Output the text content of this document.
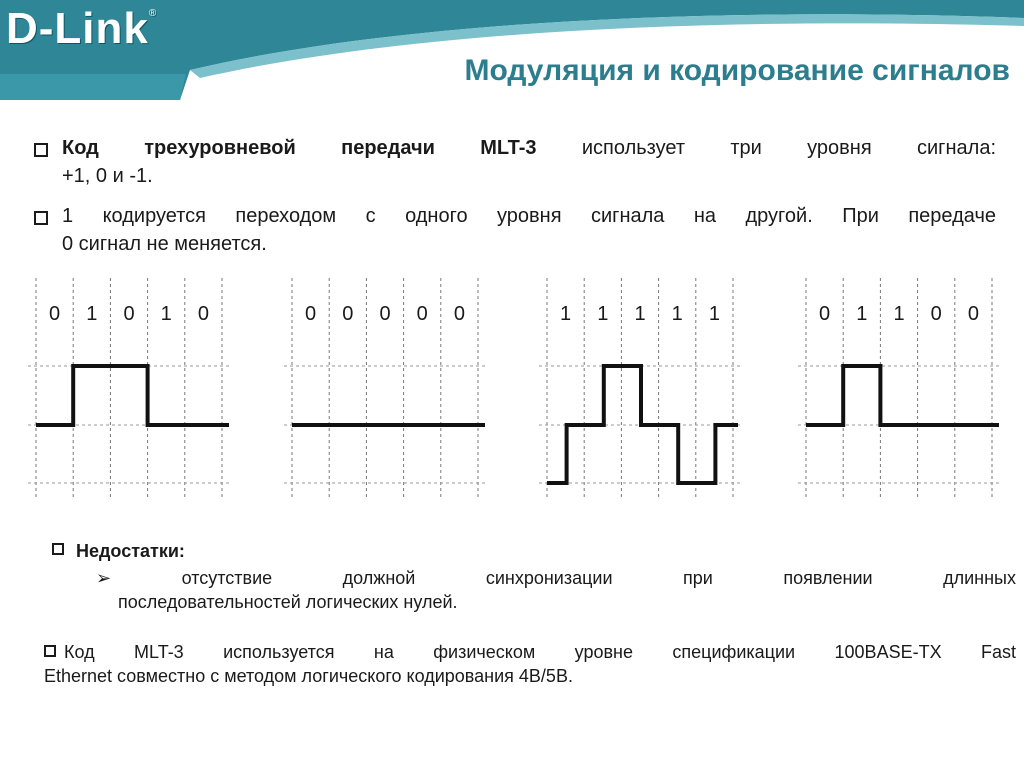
D-Link®
Модуляция и кодирование сигналов
Код трехуровневой передачи MLT-3 использует три уровня сигнала:
+1, 0 и -1.
1 кодируется переходом с одного уровня сигнала на другой. При передаче
0 сигнал не меняется.
0 1 0 1 0	0 0 0 0 0	1 1 1 1 1	0 1 1 0 0
Недостатки:
➢ отсутствие должной синхронизации при появлении длинных
последовательностей логических нулей.
Код MLT-3 используется на физическом уровне спецификации 100BASE-TX Fast
Ethernet совместно с методом логического кодирования 4B/5B.
